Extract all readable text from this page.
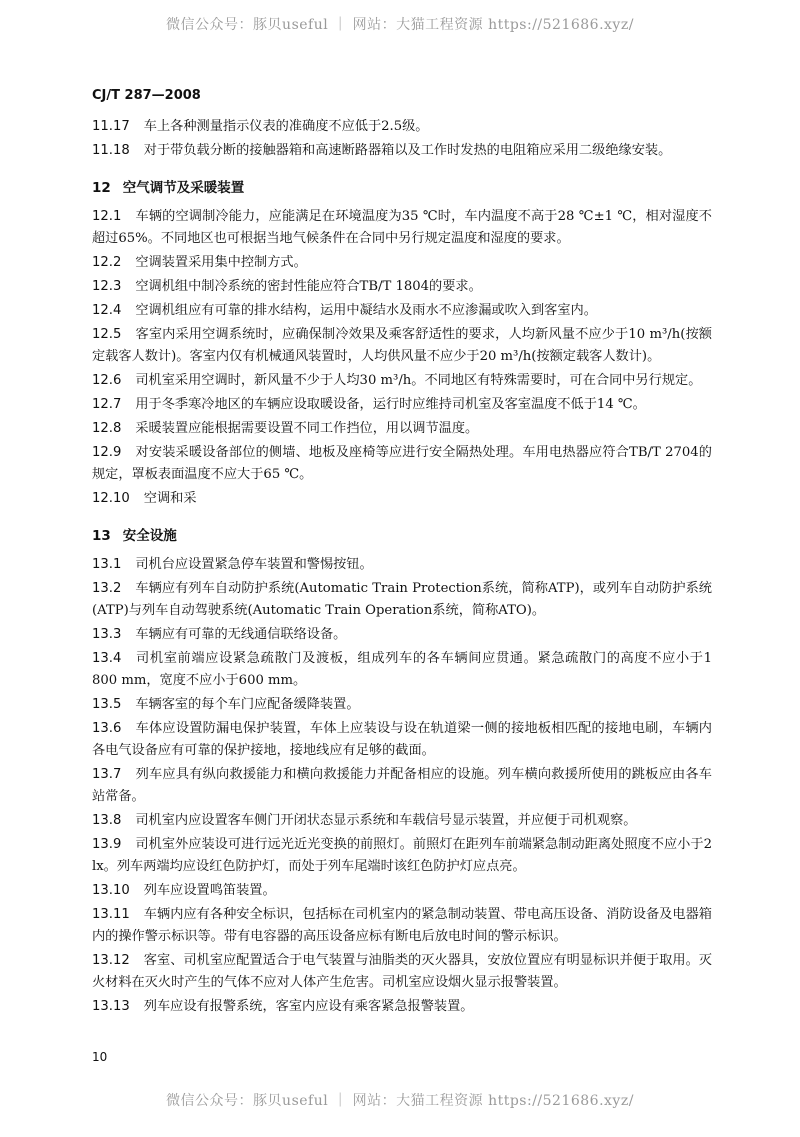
微信公众号：豚贝useful ｜ 网站：大猫工程资源 https://521686.xyz/
CJ/T 287—2008
11.17 车上各种测量指示仪表的准确度不应低于2.5级。
11.18 对于带负载分断的接触器箱和高速断路器箱以及工作时发热的电阻箱应采用二级绝缘安装。
12 空气调节及采暖装置
12.1 车辆的空调制冷能力，应能满足在环境温度为35 ℃时，车内温度不高于28 ℃±1 ℃，相对湿度不超过65%。不同地区也可根据当地气候条件在合同中另行规定温度和湿度的要求。
12.2 空调装置采用集中控制方式。
12.3 空调机组中制冷系统的密封性能应符合TB/T 1804的要求。
12.4 空调机组应有可靠的排水结构，运用中凝结水及雨水不应渗漏或吹入到客室内。
12.5 客室内采用空调系统时，应确保制冷效果及乘客舒适性的要求，人均新风量不应少于10 m³/h(按额定载客人数计)。客室内仅有机械通风装置时，人均供风量不应少于20 m³/h(按额定载客人数计)。
12.6 司机室采用空调时，新风量不少于人均30 m³/h。不同地区有特殊需要时，可在合同中另行规定。
12.7 用于冬季寒冷地区的车辆应设取暖设备，运行时应维持司机室及客室温度不低于14 ℃。
12.8 采暖装置应能根据需要设置不同工作挡位，用以调节温度。
12.9 对安装采暖设备部位的侧墙、地板及座椅等应进行安全隔热处理。车用电热器应符合TB/T 2704的规定，罩板表面温度不应大于65 ℃。
12.10 空调和采
13 安全设施
13.1 司机台应设置紧急停车装置和警惕按钮。
13.2 车辆应有列车自动防护系统(Automatic Train Protection系统，简称ATP)，或列车自动防护系统(ATP)与列车自动驾驶系统(Automatic Train Operation系统，简称ATO)。
13.3 车辆应有可靠的无线通信联络设备。
13.4 司机室前端应设紧急疏散门及渡板，组成列车的各车辆间应贯通。紧急疏散门的高度不应小于1 800 mm，宽度不应小于600 mm。
13.5 车辆客室的每个车门应配备缓降装置。
13.6 车体应设置防漏电保护装置，车体上应装设与设在轨道梁一侧的接地板相匹配的接地电刷，车辆内各电气设备应有可靠的保护接地，接地线应有足够的截面。
13.7 列车应具有纵向救援能力和横向救援能力并配备相应的设施。列车横向救援所使用的跳板应由各车站常备。
13.8 司机室内应设置客车侧门开闭状态显示系统和车载信号显示装置，并应便于司机观察。
13.9 司机室外应装设可进行远光近光变换的前照灯。前照灯在距列车前端紧急制动距离处照度不应小于2 lx。列车两端均应设红色防护灯，而处于列车尾端时该红色防护灯应点亮。
13.10 列车应设置鸣笛装置。
13.11 车辆内应有各种安全标识，包括标在司机室内的紧急制动装置、带电高压设备、消防设备及电器箱内的操作警示标识等。带有电容器的高压设备应标有断电后放电时间的警示标识。
13.12 客室、司机室应配置适合于电气装置与油脂类的灭火器具，安放位置应有明显标识并便于取用。灭火材料在灭火时产生的气体不应对人体产生危害。司机室应设烟火显示报警装置。
13.13 列车应设有报警系统，客室内应设有乘客紧急报警装置。
10
微信公众号：豚贝useful ｜ 网站：大猫工程资源 https://521686.xyz/
